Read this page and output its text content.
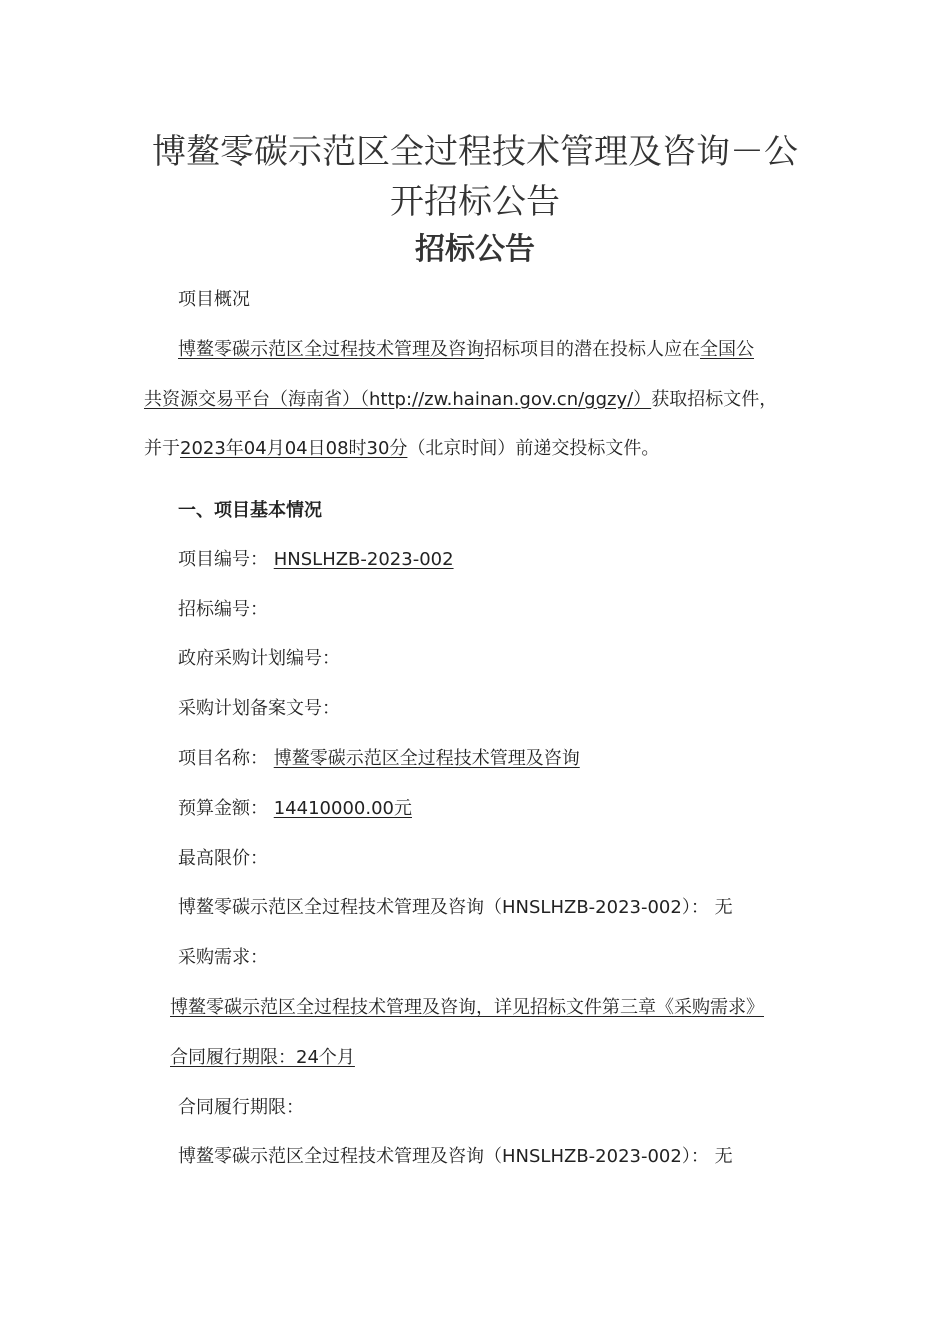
博鳌零碳示范区全过程技术管理及咨询－公
开招标公告
招标公告

项目概况

博鳌零碳示范区全过程技术管理及咨询招标项目的潜在投标人应在全国公

共资源交易平台（海南省）（http://zw.hainan.gov.cn/ggzy/）获取招标文件，

并于2023年04月04日08时30分（北京时间）前递交投标文件。

一、项目基本情况

项目编号： HNSLHZB-2023-002

招标编号：

政府采购计划编号：

采购计划备案文号：

项目名称： 博鳌零碳示范区全过程技术管理及咨询

预算金额： 14410000.00元

最高限价：

博鳌零碳示范区全过程技术管理及咨询（HNSLHZB-2023-002）： 无

采购需求：

博鳌零碳示范区全过程技术管理及咨询，详见招标文件第三章《采购需求》

合同履行期限：24个月

合同履行期限：

博鳌零碳示范区全过程技术管理及咨询（HNSLHZB-2023-002）： 无
